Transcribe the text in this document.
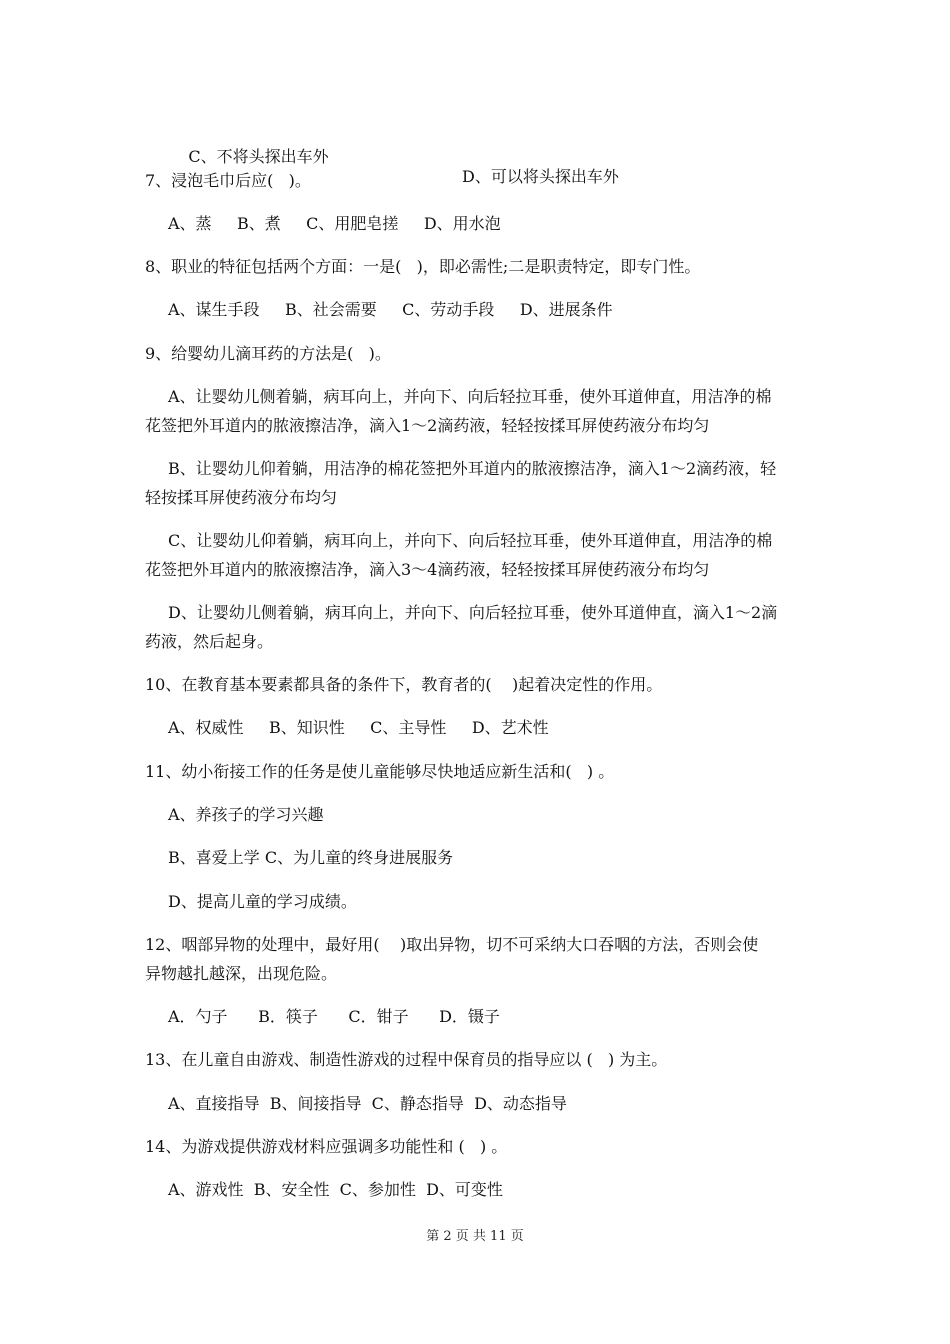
C、不将头探出车外

D、可以将头探出车外

7、浸泡毛巾后应(   )。
A、蒸     B、煮     C、用肥皂搓     D、用水泡
8、职业的特征包括两个方面：一是(   )，即必需性;二是职责特定，即专门性。
A、谋生手段     B、社会需要     C、劳动手段     D、进展条件
9、给婴幼儿滴耳药的方法是(   )。
A、让婴幼儿侧着躺，病耳向上，并向下、向后轻拉耳垂，使外耳道伸直，用洁净的棉
花签把外耳道内的脓液擦洁净，滴入1～2滴药液，轻轻按揉耳屏使药液分布均匀
B、让婴幼儿仰着躺，用洁净的棉花签把外耳道内的脓液擦洁净，滴入1～2滴药液，轻
轻按揉耳屏使药液分布均匀
C、让婴幼儿仰着躺，病耳向上，并向下、向后轻拉耳垂，使外耳道伸直，用洁净的棉
花签把外耳道内的脓液擦洁净，滴入3～4滴药液，轻轻按揉耳屏使药液分布均匀
D、让婴幼儿侧着躺，病耳向上，并向下、向后轻拉耳垂，使外耳道伸直，滴入1～2滴
药液，然后起身。
10、在教育基本要素都具备的条件下，教育者的(    )起着决定性的作用。
A、权威性     B、知识性     C、主导性     D、艺术性
11、幼小衔接工作的任务是使儿童能够尽快地适应新生活和(   ) 。
A、养孩子的学习兴趣
B、喜爱上学 C、为儿童的终身进展服务
D、提高儿童的学习成绩。
12、咽部异物的处理中，最好用(    )取出异物，切不可采纳大口吞咽的方法，否则会使
异物越扎越深，出现危险。
A．勺子      B．筷子      C．钳子      D．镊子
13、在儿童自由游戏、制造性游戏的过程中保育员的指导应以 (   ) 为主。
A、直接指导  B、间接指导  C、静态指导  D、动态指导
14、为游戏提供游戏材料应强调多功能性和 (   ) 。
A、游戏性  B、安全性  C、参加性  D、可变性
第 2 页 共 11 页
